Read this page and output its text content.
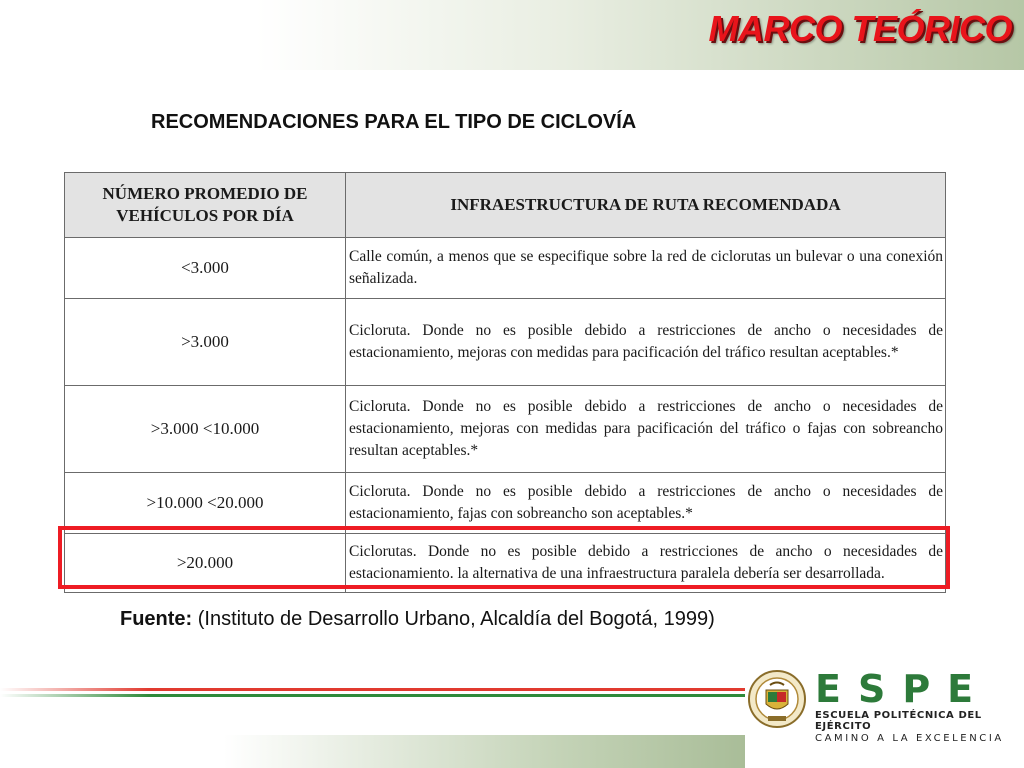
MARCO TEÓRICO
RECOMENDACIONES PARA EL TIPO DE CICLOVÍA
NÚMERO PROMEDIO DE VEHÍCULOS POR DÍA	INFRAESTRUCTURA DE RUTA RECOMENDADA
<3.000	Calle común, a menos que se especifique sobre la red de ciclorutas un bulevar o una conexión señalizada.
>3.000	Cicloruta. Donde no es posible debido a restricciones de ancho o necesidades de estacionamiento, mejoras con medidas para pacificación del tráfico resultan aceptables.*
>3.000 <10.000	Cicloruta. Donde no es posible debido a restricciones de ancho o necesidades de estacionamiento, mejoras con medidas para pacificación del tráfico o fajas con sobreancho resultan aceptables.*
>10.000 <20.000	Cicloruta. Donde no es posible debido a restricciones de ancho o necesidades de estacionamiento, fajas con sobreancho son aceptables.*
>20.000	Ciclorutas. Donde no es posible debido a restricciones de ancho o necesidades de estacionamiento. la alternativa de una infraestructura paralela debería ser desarrollada.

Fuente: (Instituto de Desarrollo Urbano, Alcaldía del Bogotá, 1999)

ESPE

ESCUELA POLITÉCNICA DEL EJÉRCITO

CAMINO A LA EXCELENCIA
